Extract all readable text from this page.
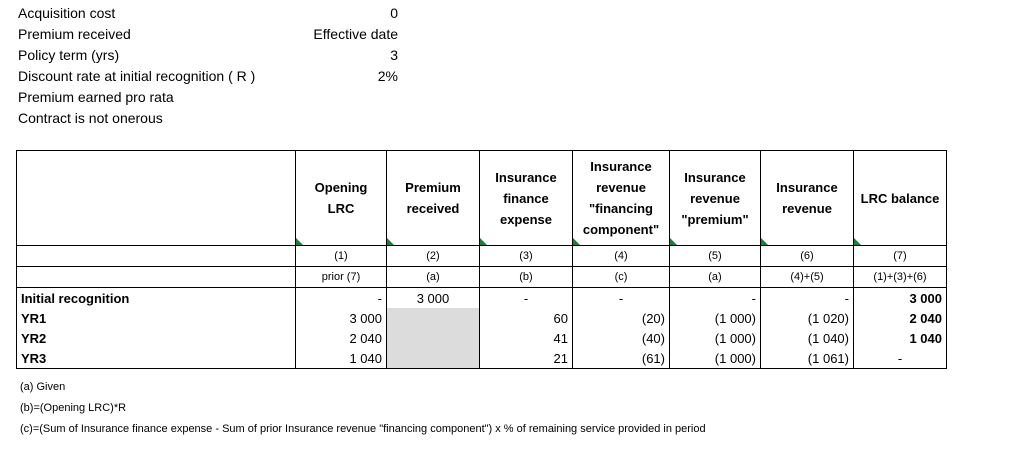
Acquisition cost	0
Premium received	Effective date
Policy term (yrs)	3
Discount rate at initial recognition ( R )	2%
Premium earned pro rata
Contract is not onerous
	Opening LRC	Premium received	Insurance finance expense	Insurance revenue "financing component"	Insurance revenue "premium"	Insurance revenue	LRC balance

	(1)	(2)	(3)	(4)	(5)	(6)	(7)
	prior (7)	(a)	(b)	(c)	(a)	(4)+(5)	(1)+(3)+(6)
Initial recognition	-	3 000	-	-	-	-	3 000
YR1	3 000		60	(20)	(1 000)	(1 020)	2 040
YR2	2 040		41	(40)	(1 000)	(1 040)	1 040
YR3	1 040		21	(61)	(1 000)	(1 061)	-
(a) Given
(b)=(Opening LRC)*R
(c)=(Sum of Insurance finance expense - Sum of prior Insurance revenue "financing component") x % of remaining service provided in period
